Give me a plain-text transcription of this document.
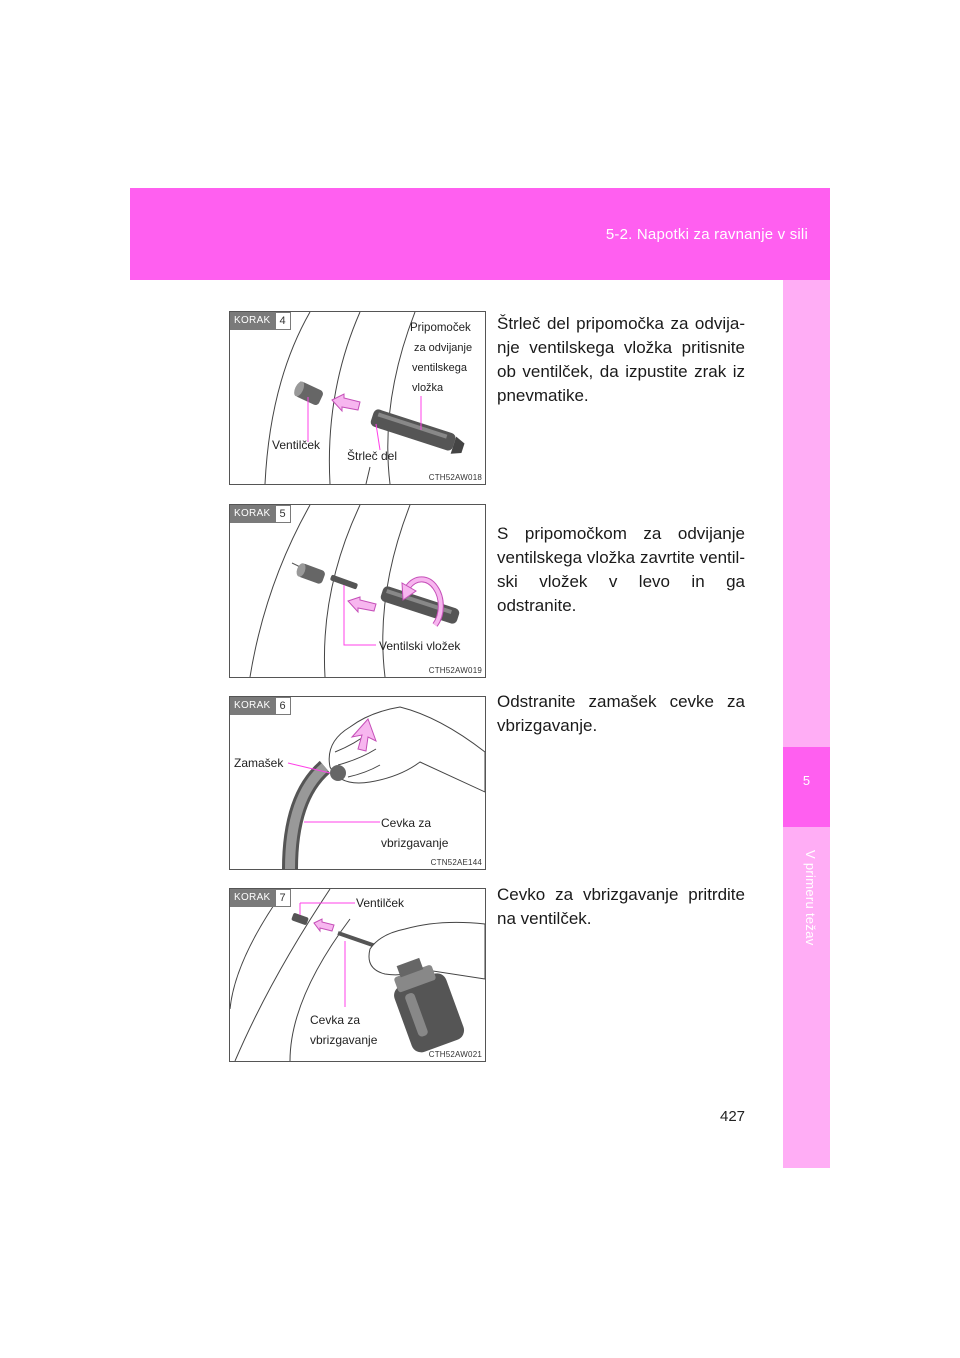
5-2. Napotki za ravnanje v sili
5
V primeru težav
KORAK 4
Pripomoček
za odvijanje
ventilskega
vložka
Ventilček
Štrleč del
CTH52AW018
Štrleč del pripomočka za odvija-nje ventilskega vložka pritisnite ob ventilček, da izpustite zrak iz pnevmatike.
KORAK 5
Ventilski vložek
CTH52AW019
S pripomočkom za odvijanje ventilskega vložka zavrtite ventil-ski vložek v levo in ga odstranite.
KORAK 6
Zamašek
Cevka za
vbrizgavanje
CTN52AE144
Odstranite zamašek cevke za vbrizgavanje.
KORAK 7	Ventilček
Cevka za
vbrizgavanje
CTH52AW021
Cevko za vbrizgavanje pritrdite na ventilček.
427
